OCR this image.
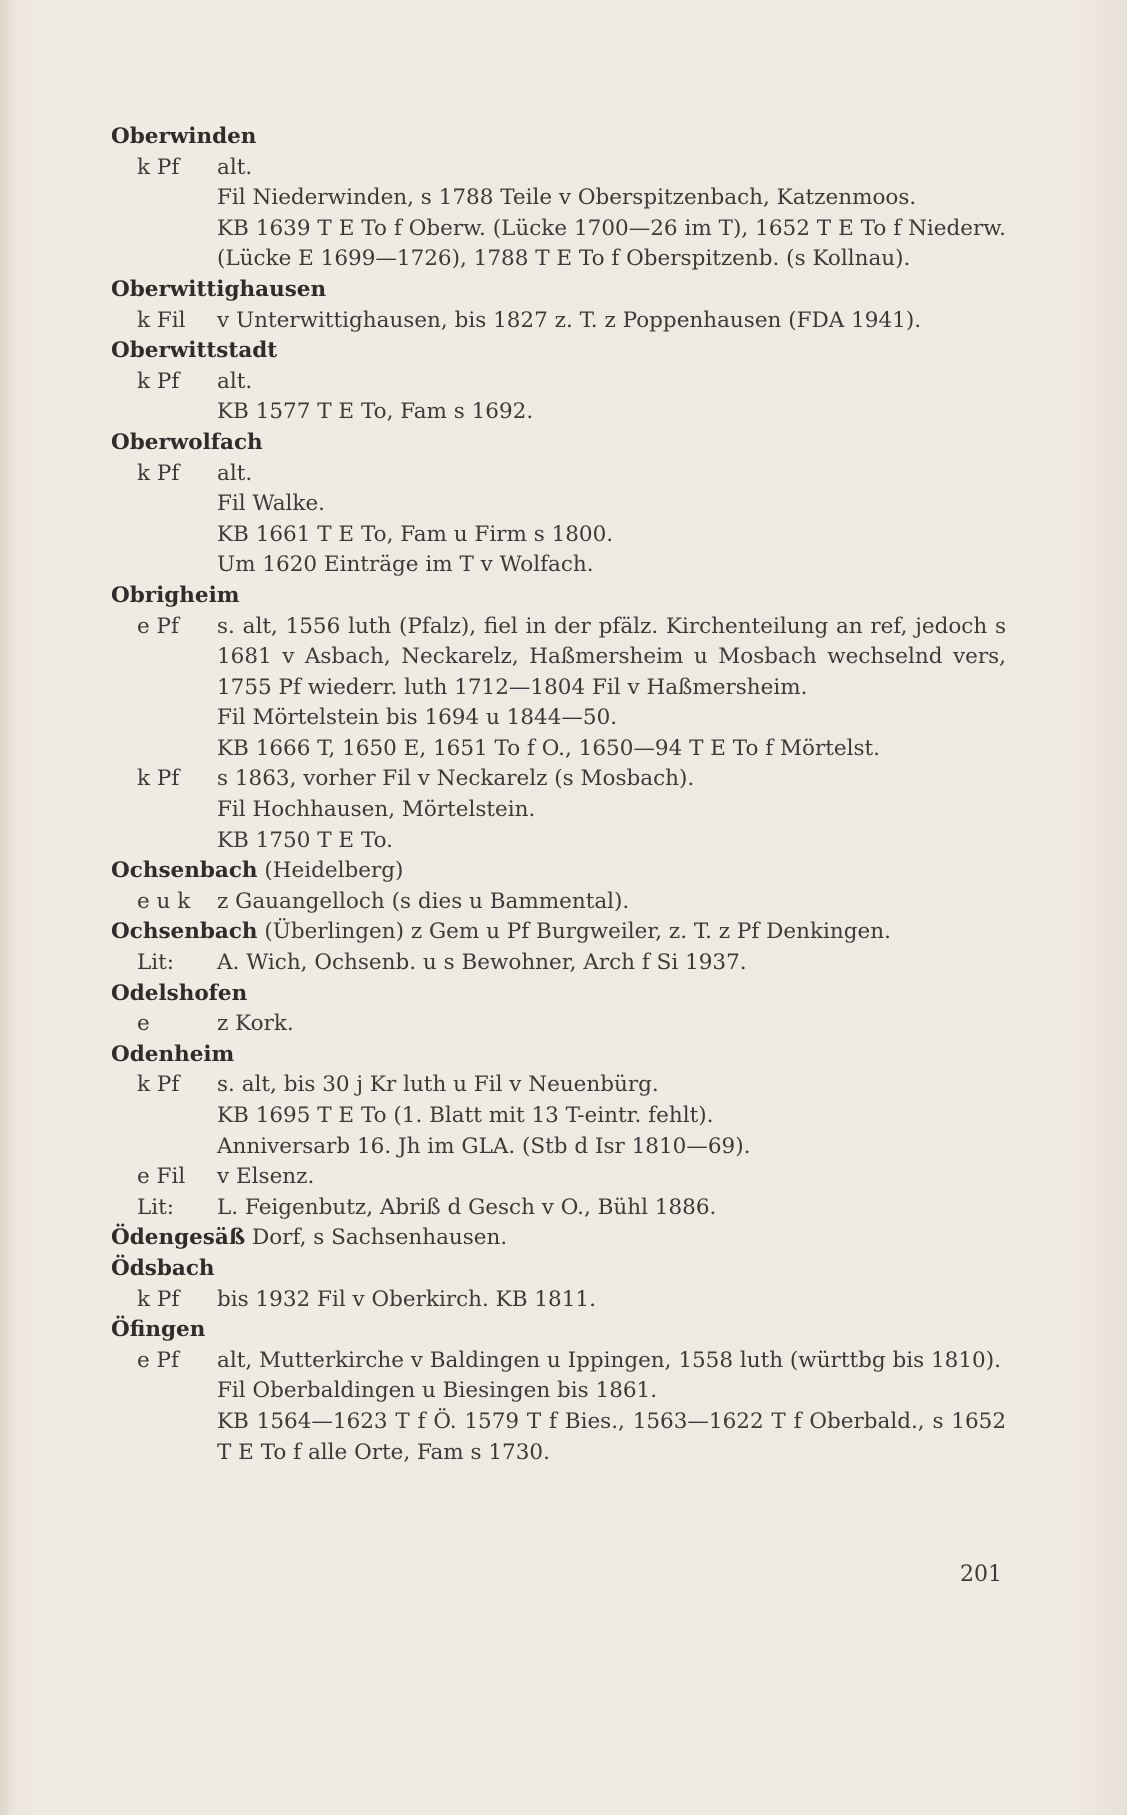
Oberwinden
k Pf	alt.
Fil Niederwinden, s 1788 Teile v Oberspitzenbach, Katzenmoos.
KB 1639 T E To f Oberw. (Lücke 1700—26 im T), 1652 T E To f Niederw. (Lücke E 1699—1726), 1788 T E To f Oberspitzenb. (s Kollnau).
Oberwittighausen
k Fil	v Unterwittighausen, bis 1827 z. T. z Poppenhausen (FDA 1941).
Oberwittstadt
k Pf	alt.
KB 1577 T E To, Fam s 1692.
Oberwolfach
k Pf	alt.
Fil Walke.
KB 1661 T E To, Fam u Firm s 1800.
Um 1620 Einträge im T v Wolfach.
Obrigheim
e Pf	s. alt, 1556 luth (Pfalz), fiel in der pfälz. Kirchenteilung an ref, jedoch s 1681 v Asbach, Neckarelz, Haßmersheim u Mosbach wechselnd vers, 1755 Pf wiederr. luth 1712—1804 Fil v Haßmersheim.
Fil Mörtelstein bis 1694 u 1844—50.
KB 1666 T, 1650 E, 1651 To f O., 1650—94 T E To f Mörtelst.
k Pf	s 1863, vorher Fil v Neckarelz (s Mosbach).
Fil Hochhausen, Mörtelstein.
KB 1750 T E To.
Ochsenbach (Heidelberg)
e u k	z Gauangelloch (s dies u Bammental).
Ochsenbach (Überlingen) z Gem u Pf Burgweiler, z. T. z Pf Denkingen.
Lit:	A. Wich, Ochsenb. u s Bewohner, Arch f Si 1937.
Odelshofen
e	z Kork.
Odenheim
k Pf	s. alt, bis 30 j Kr luth u Fil v Neuenbürg.
KB 1695 T E To (1. Blatt mit 13 T-eintr. fehlt).
Anniversarb 16. Jh im GLA. (Stb d Isr 1810—69).
e Fil	v Elsenz.
Lit:	L. Feigenbutz, Abriß d Gesch v O., Bühl 1886.
Ödengesäß Dorf, s Sachsenhausen.
Ödsbach
k Pf	bis 1932 Fil v Oberkirch. KB 1811.
Öfingen
e Pf	alt, Mutterkirche v Baldingen u Ippingen, 1558 luth (württbg bis 1810).
Fil Oberbaldingen u Biesingen bis 1861.
KB 1564—1623 T f Ö. 1579 T f Bies., 1563—1622 T f Oberbald., s 1652 T E To f alle Orte, Fam s 1730.
201
